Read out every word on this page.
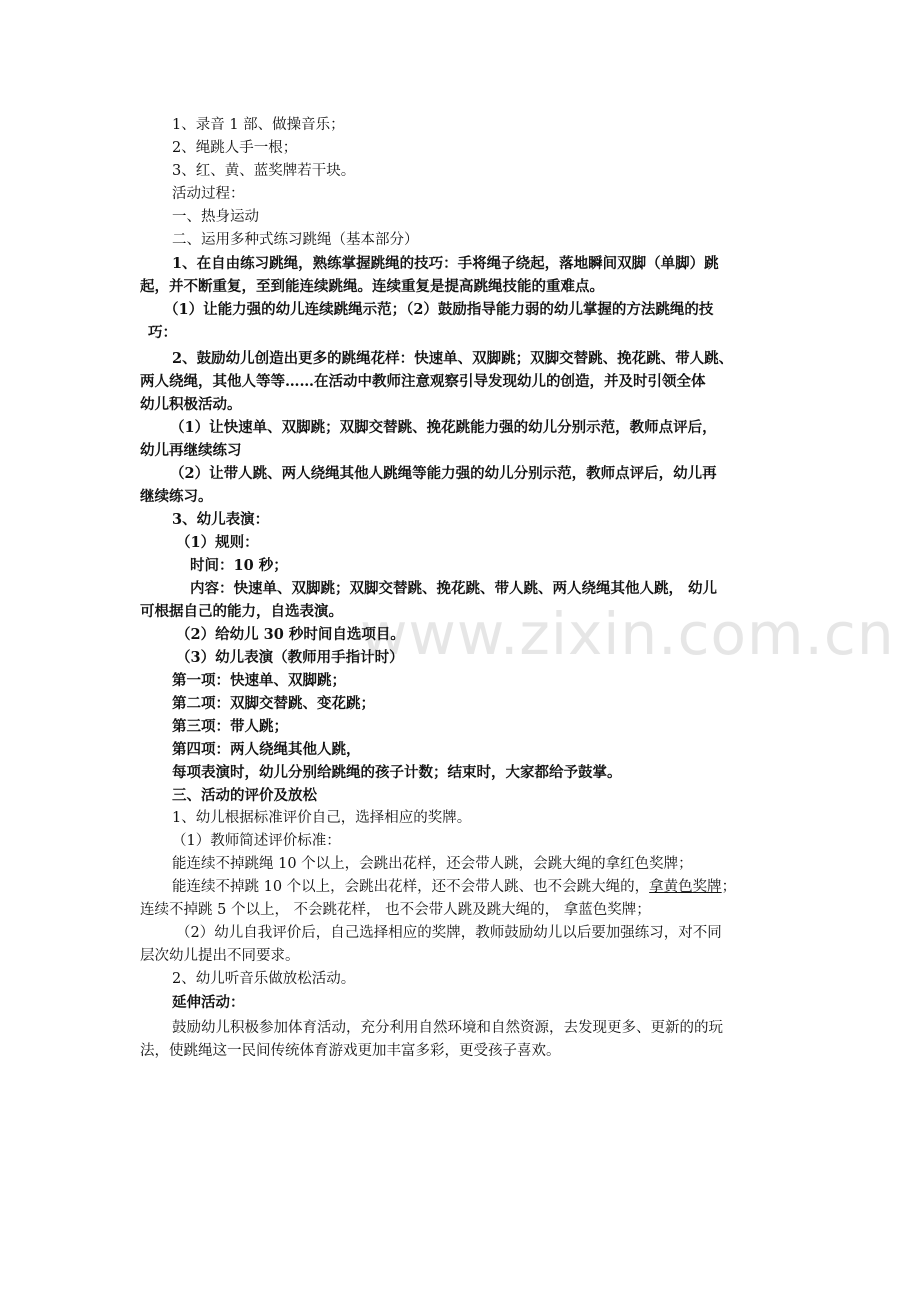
www.zixin.com.cn
1、录音 1 部、做操音乐；
2、绳跳人手一根；
3、红、黄、蓝奖牌若干块。
活动过程：
一、热身运动
二、运用多种式练习跳绳（基本部分）
1、在自由练习跳绳，熟练掌握跳绳的技巧：手将绳子绕起，落地瞬间双脚（单脚）跳
起，并不断重复，至到能连续跳绳。连续重复是提高跳绳技能的重难点。
（1）让能力强的幼儿连续跳绳示范；（2）鼓励指导能力弱的幼儿掌握的方法跳绳的技
巧：
2、鼓励幼儿创造出更多的跳绳花样：快速单、双脚跳；双脚交替跳、挽花跳、带人跳、
两人绕绳，其他人等等……在活动中教师注意观察引导发现幼儿的创造，并及时引领全体
幼儿积极活动。
（1）让快速单、双脚跳；双脚交替跳、挽花跳能力强的幼儿分别示范，教师点评后，
幼儿再继续练习
（2）让带人跳、两人绕绳其他人跳绳等能力强的幼儿分别示范，教师点评后，幼儿再
继续练习。
3、幼儿表演：
（1）规则：
时间：10 秒；
内容：快速单、双脚跳；双脚交替跳、挽花跳、带人跳、两人绕绳其他人跳， 幼儿
可根据自己的能力，自选表演。
（2）给幼儿 30 秒时间自选项目。
（3）幼儿表演（教师用手指计时）
第一项：快速单、双脚跳；
第二项：双脚交替跳、变花跳；
第三项：带人跳；
第四项：两人绕绳其他人跳，
每项表演时，幼儿分别给跳绳的孩子计数；结束时，大家都给予鼓掌。
三、活动的评价及放松
1、幼儿根据标准评价自己，选择相应的奖牌。
（1）教师简述评价标准：
能连续不掉跳绳 10 个以上，会跳出花样，还会带人跳，会跳大绳的拿红色奖牌；
能连续不掉跳 10 个以上，会跳出花样，还不会带人跳、也不会跳大绳的，拿黄色奖牌；
连续不掉跳 5 个以上， 不会跳花样， 也不会带人跳及跳大绳的， 拿蓝色奖牌；
（2）幼儿自我评价后，自己选择相应的奖牌，教师鼓励幼儿以后要加强练习，对不同
层次幼儿提出不同要求。
2、幼儿听音乐做放松活动。
延伸活动：
鼓励幼儿积极参加体育活动，充分利用自然环境和自然资源，去发现更多、更新的的玩
法，使跳绳这一民间传统体育游戏更加丰富多彩，更受孩子喜欢。
